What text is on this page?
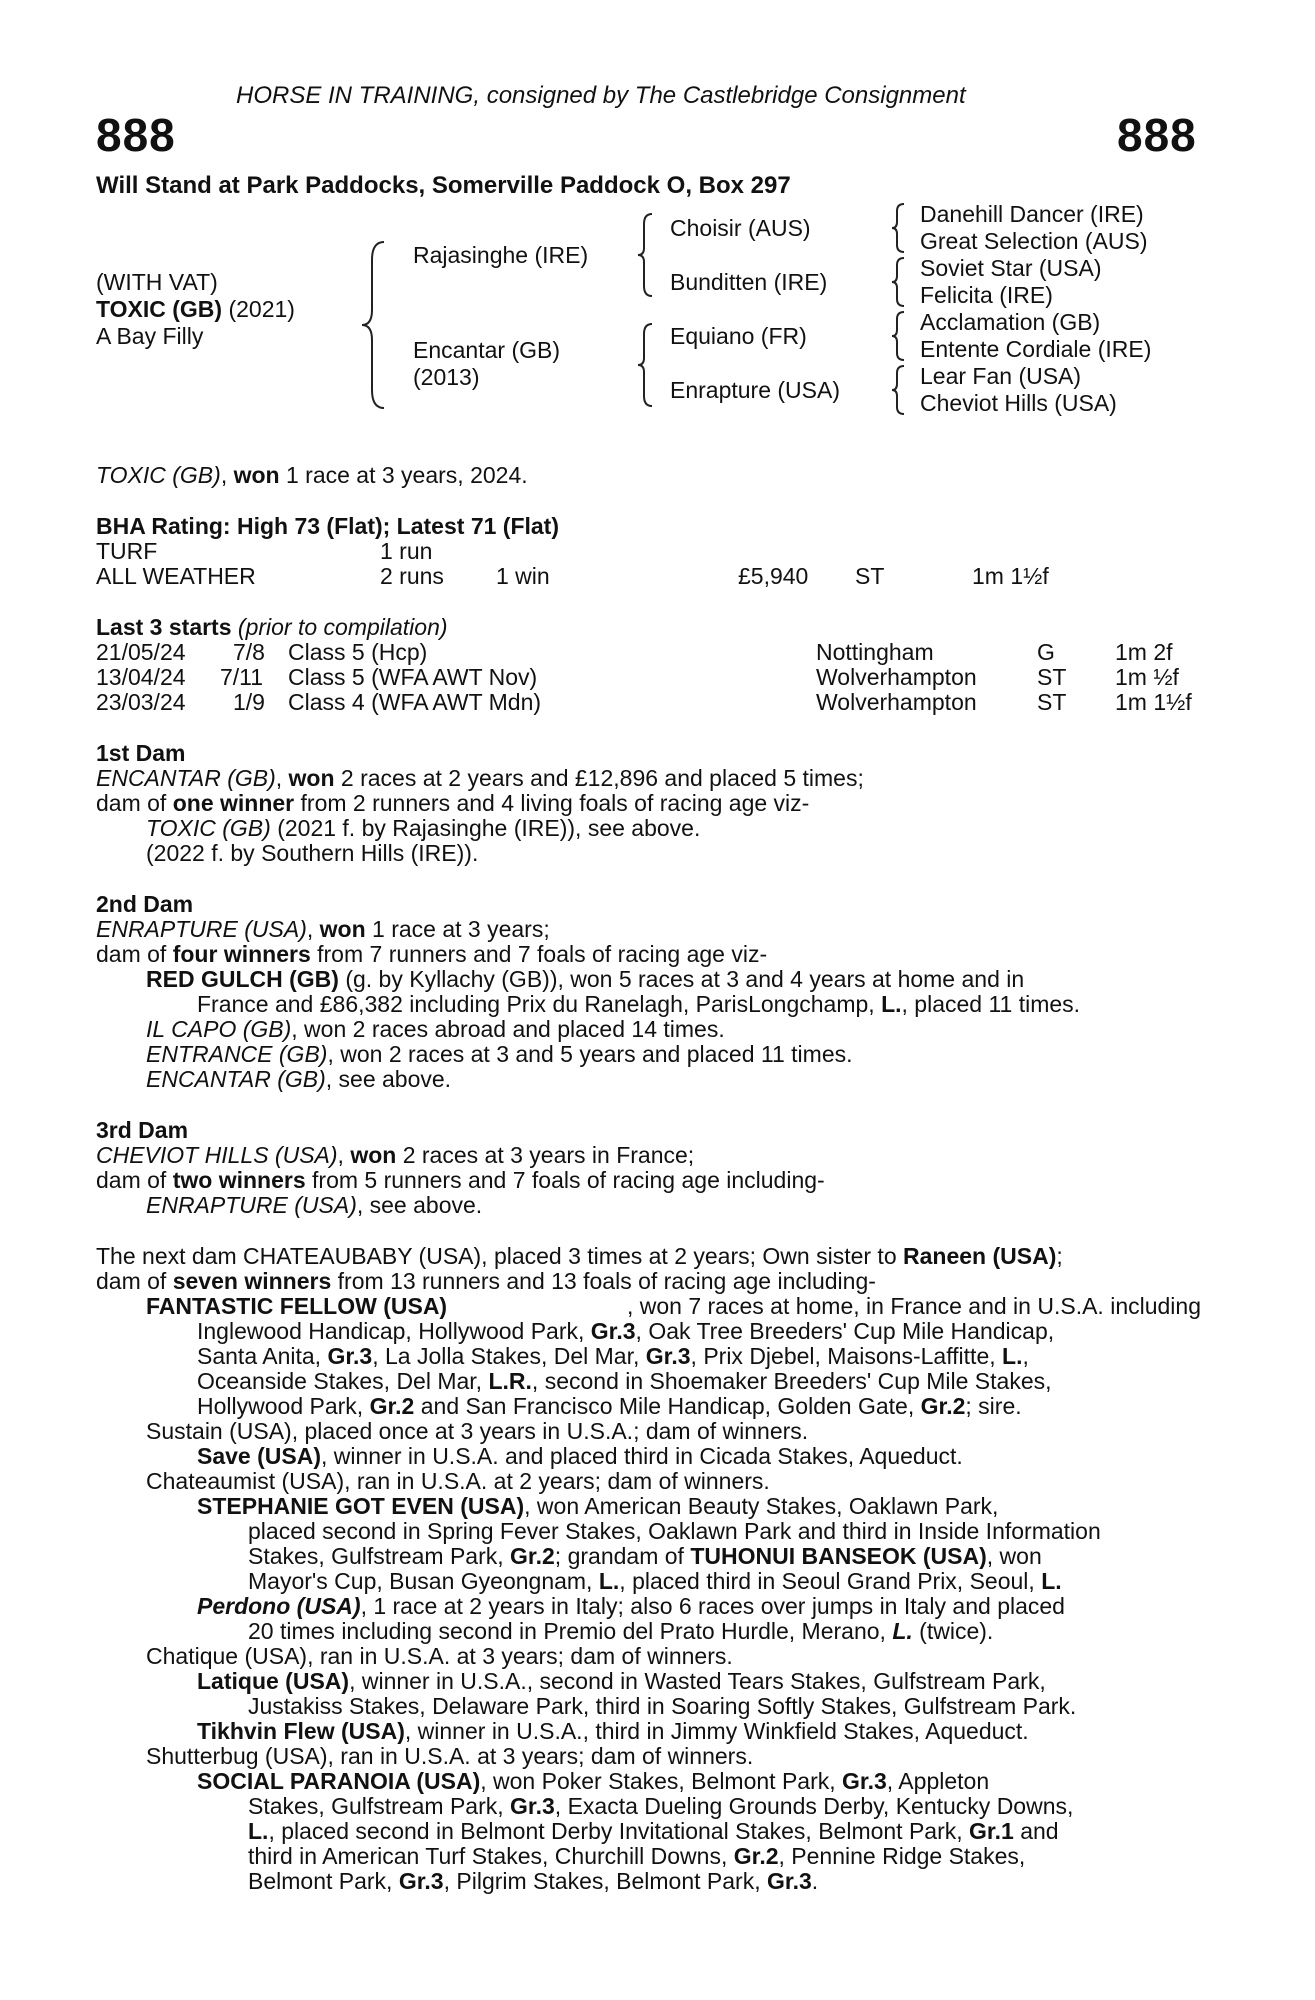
HORSE IN TRAINING, consigned by The Castlebridge Consignment
888	888
Will Stand at Park Paddocks, Somerville Paddock O, Box 297
(WITH VAT)
TOXIC (GB) (2021)
A Bay Filly
Rajasinghe (IRE)
Encantar (GB)
(2013)
Choisir (AUS)
Bunditten (IRE)
Equiano (FR)
Enrapture (USA)
Danehill Dancer (IRE)
Great Selection (AUS)
Soviet Star (USA)
Felicita (IRE)
Acclamation (GB)
Entente Cordiale (IRE)
Lear Fan (USA)
Cheviot Hills (USA)
TOXIC (GB), won 1 race at 3 years, 2024.
BHA Rating: High 73 (Flat); Latest 71 (Flat)
TURF	1 run
ALL WEATHER	2 runs 1 win	£5,940 ST	1m 1½f
Last 3 starts (prior to compilation)
21/05/24 7/8 Class 5 (Hcp)	Nottingham	G	1m 2f
13/04/24 7/11 Class 5 (WFA AWT Nov)	Wolverhampton	ST 1m ½f
23/03/24 1/9 Class 4 (WFA AWT Mdn)	Wolverhampton	ST 1m 1½f
1st Dam
ENCANTAR (GB), won 2 races at 2 years and £12,896 and placed 5 times;
dam of one winner from 2 runners and 4 living foals of racing age viz-
TOXIC (GB) (2021 f. by Rajasinghe (IRE)), see above.
(2022 f. by Southern Hills (IRE)).
2nd Dam
ENRAPTURE (USA), won 1 race at 3 years;
dam of four winners from 7 runners and 7 foals of racing age viz-
RED GULCH (GB) (g. by Kyllachy (GB)), won 5 races at 3 and 4 years at home and in
France and £86,382 including Prix du Ranelagh, ParisLongchamp, L., placed 11 times.
IL CAPO (GB), won 2 races abroad and placed 14 times.
ENTRANCE (GB), won 2 races at 3 and 5 years and placed 11 times.
ENCANTAR (GB), see above.
3rd Dam
CHEVIOT HILLS (USA), won 2 races at 3 years in France;
dam of two winners from 5 runners and 7 foals of racing age including-
ENRAPTURE (USA), see above.
The next dam CHATEAUBABY (USA), placed 3 times at 2 years; Own sister to Raneen (USA);
dam of seven winners from 13 runners and 13 foals of racing age including-
FANTASTIC FELLOW (USA)	, won 7 races at home, in France and in U.S.A. including
Inglewood Handicap, Hollywood Park, Gr.3, Oak Tree Breeders' Cup Mile Handicap,
Santa Anita, Gr.3, La Jolla Stakes, Del Mar, Gr.3, Prix Djebel, Maisons-Laffitte, L.,
Oceanside Stakes, Del Mar, L.R., second in Shoemaker Breeders' Cup Mile Stakes,
Hollywood Park, Gr.2 and San Francisco Mile Handicap, Golden Gate, Gr.2; sire.
Sustain (USA), placed once at 3 years in U.S.A.; dam of winners.
Save (USA), winner in U.S.A. and placed third in Cicada Stakes, Aqueduct.
Chateaumist (USA), ran in U.S.A. at 2 years; dam of winners.
STEPHANIE GOT EVEN (USA), won American Beauty Stakes, Oaklawn Park,
placed second in Spring Fever Stakes, Oaklawn Park and third in Inside Information
Stakes, Gulfstream Park, Gr.2; grandam of TUHONUI BANSEOK (USA), won
Mayor's Cup, Busan Gyeongnam, L., placed third in Seoul Grand Prix, Seoul, L.
Perdono (USA), 1 race at 2 years in Italy; also 6 races over jumps in Italy and placed
20 times including second in Premio del Prato Hurdle, Merano, L. (twice).
Chatique (USA), ran in U.S.A. at 3 years; dam of winners.
Latique (USA), winner in U.S.A., second in Wasted Tears Stakes, Gulfstream Park,
Justakiss Stakes, Delaware Park, third in Soaring Softly Stakes, Gulfstream Park.
Tikhvin Flew (USA), winner in U.S.A., third in Jimmy Winkfield Stakes, Aqueduct.
Shutterbug (USA), ran in U.S.A. at 3 years; dam of winners.
SOCIAL PARANOIA (USA), won Poker Stakes, Belmont Park, Gr.3, Appleton
Stakes, Gulfstream Park, Gr.3, Exacta Dueling Grounds Derby, Kentucky Downs,
L., placed second in Belmont Derby Invitational Stakes, Belmont Park, Gr.1 and
third in American Turf Stakes, Churchill Downs, Gr.2, Pennine Ridge Stakes,
Belmont Park, Gr.3, Pilgrim Stakes, Belmont Park, Gr.3.
